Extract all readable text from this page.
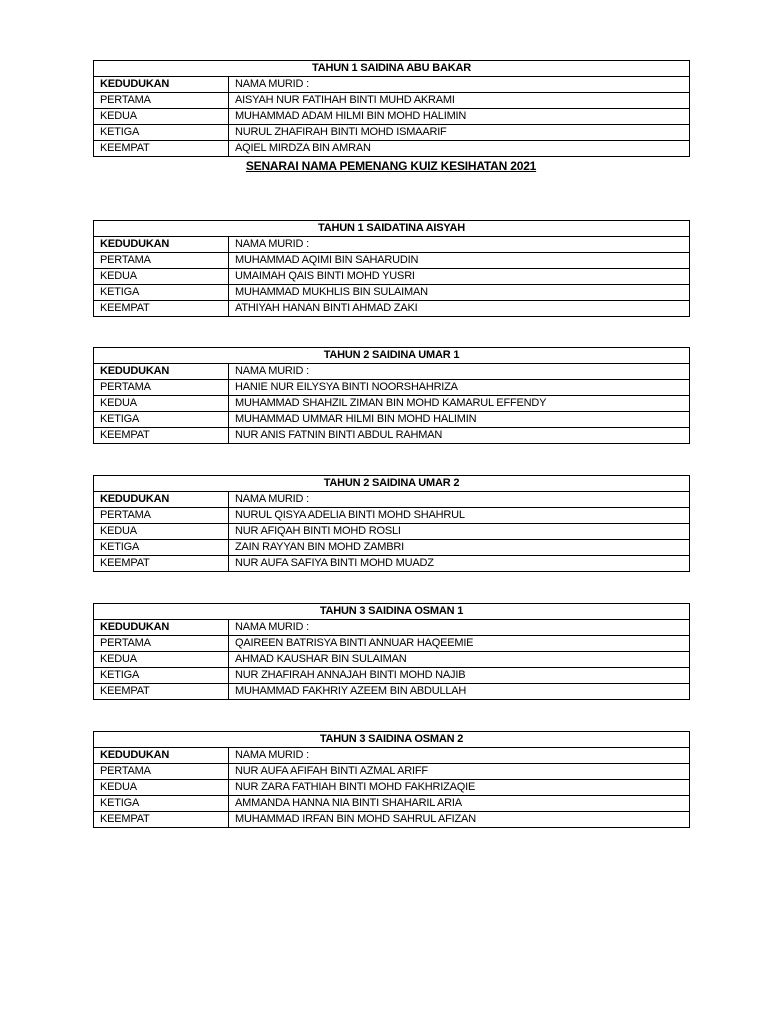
TAHUN 1 SAIDINA ABU BAKAR	
KEDUDUKAN	NAMA MURID :
PERTAMA	AISYAH NUR FATIHAH BINTI MUHD AKRAMI
KEDUA	MUHAMMAD ADAM HILMI BIN MOHD HALIMIN
KETIGA	NURUL ZHAFIRAH BINTI MOHD ISMAARIF
KEEMPAT	AQIEL MIRDZA BIN AMRAN
SENARAI NAMA PEMENANG KUIZ KESIHATAN 2021
TAHUN 1 SAIDATINA AISYAH	
KEDUDUKAN	NAMA MURID :
PERTAMA	MUHAMMAD AQIMI BIN SAHARUDIN
KEDUA	UMAIMAH QAIS BINTI MOHD YUSRI
KETIGA	MUHAMMAD MUKHLIS BIN SULAIMAN
KEEMPAT	ATHIYAH HANAN BINTI AHMAD ZAKI
TAHUN 2 SAIDINA UMAR 1	
KEDUDUKAN	NAMA MURID :
PERTAMA	HANIE NUR EILYSYA BINTI NOORSHAHRIZA
KEDUA	MUHAMMAD SHAHZIL ZIMAN BIN MOHD KAMARUL EFFENDY
KETIGA	MUHAMMAD UMMAR HILMI BIN MOHD HALIMIN
KEEMPAT	NUR ANIS FATNIN BINTI ABDUL RAHMAN
TAHUN 2 SAIDINA UMAR 2	
KEDUDUKAN	NAMA MURID :
PERTAMA	NURUL QISYA ADELIA BINTI MOHD SHAHRUL
KEDUA	NUR AFIQAH BINTI MOHD ROSLI
KETIGA	ZAIN RAYYAN BIN MOHD ZAMBRI
KEEMPAT	NUR AUFA SAFIYA BINTI MOHD MUADZ
TAHUN 3 SAIDINA OSMAN 1	
KEDUDUKAN	NAMA MURID :
PERTAMA	QAIREEN BATRISYA BINTI ANNUAR HAQEEMIE
KEDUA	AHMAD KAUSHAR BIN SULAIMAN
KETIGA	NUR ZHAFIRAH ANNAJAH BINTI MOHD NAJIB
KEEMPAT	MUHAMMAD FAKHRIY AZEEM BIN ABDULLAH
TAHUN 3 SAIDINA OSMAN 2	
KEDUDUKAN	NAMA MURID :
PERTAMA	NUR AUFA AFIFAH BINTI AZMAL ARIFF
KEDUA	NUR ZARA FATHIAH BINTI MOHD FAKHRIZAQIE
KETIGA	AMMANDA HANNA NIA BINTI SHAHARIL ARIA
KEEMPAT	MUHAMMAD IRFAN BIN MOHD SAHRUL AFIZAN
